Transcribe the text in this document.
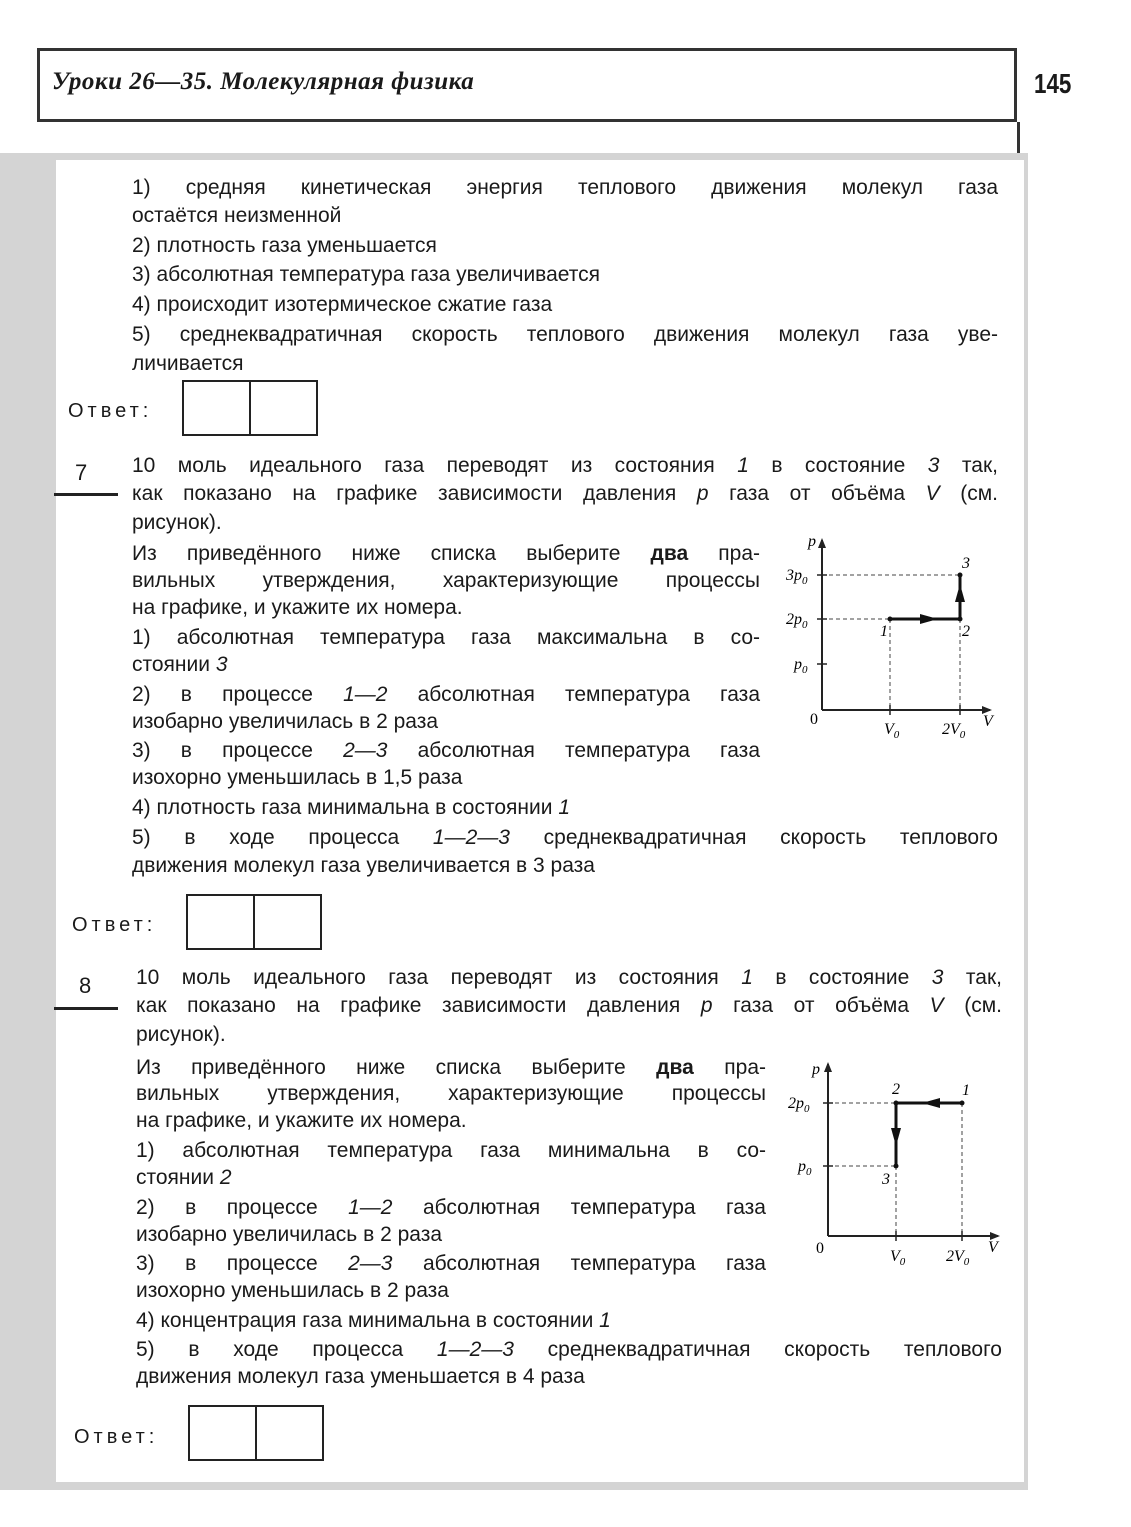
Уроки 26—35. Молекулярная физика	145
1) средняя кинетическая энергия теплового движения молекул газа
остаётся неизменной
2) плотность газа уменьшается
3) абсолютная температура газа увеличивается
4) происходит изотермическое сжатие газа
5) среднеквадратичная скорость теплового движения молекул газа уве-
личивается
Ответ:
7 10 моль идеального газа переводят из состояния 1 в состояние 3 так,
как показано на графике зависимости давления p газа от объёма V (см.
рисунок).
Из приведённого ниже списка выберите два пра-
вильных утверждения, характеризующие процессы
на графике, и укажите их номера.
1) абсолютная температура газа максимальна в со-
стоянии 3
2) в процессе 1—2 абсолютная температура газа
изобарно увеличилась в 2 раза
3) в процессе 2—3 абсолютная температура газа
изохорно уменьшилась в 1,5 раза
4) плотность газа минимальна в состоянии 1
5) в ходе процесса 1—2—3 среднеквадратичная скорость теплового
движения молекул газа увеличивается в 3 раза
Ответ:
p
V
0
$3p_0$
$2p_0$
$p_0$
$V_0$	$2V_0$
1	2
3
8 10 моль идеального газа переводят из состояния 1 в состояние 3 так,
как показано на графике зависимости давления p газа от объёма V (см.
рисунок).
Из приведённого ниже списка выберите два пра-
вильных утверждения, характеризующие процессы
на графике, и укажите их номера.
1) абсолютная температура газа минимальна в со-
стоянии 2
2) в процессе 1—2 абсолютная температура газа
изобарно увеличилась в 2 раза
3) в процессе 2—3 абсолютная температура газа
изохорно уменьшилась в 2 раза
4) концентрация газа минимальна в состоянии 1
5) в ходе процесса 1—2—3 среднеквадратичная скорость теплового
движения молекул газа уменьшается в 4 раза
Ответ:
p
V
0
$2p_0$
$p_0$
$V_0$	$2V_0$
1
2
3
